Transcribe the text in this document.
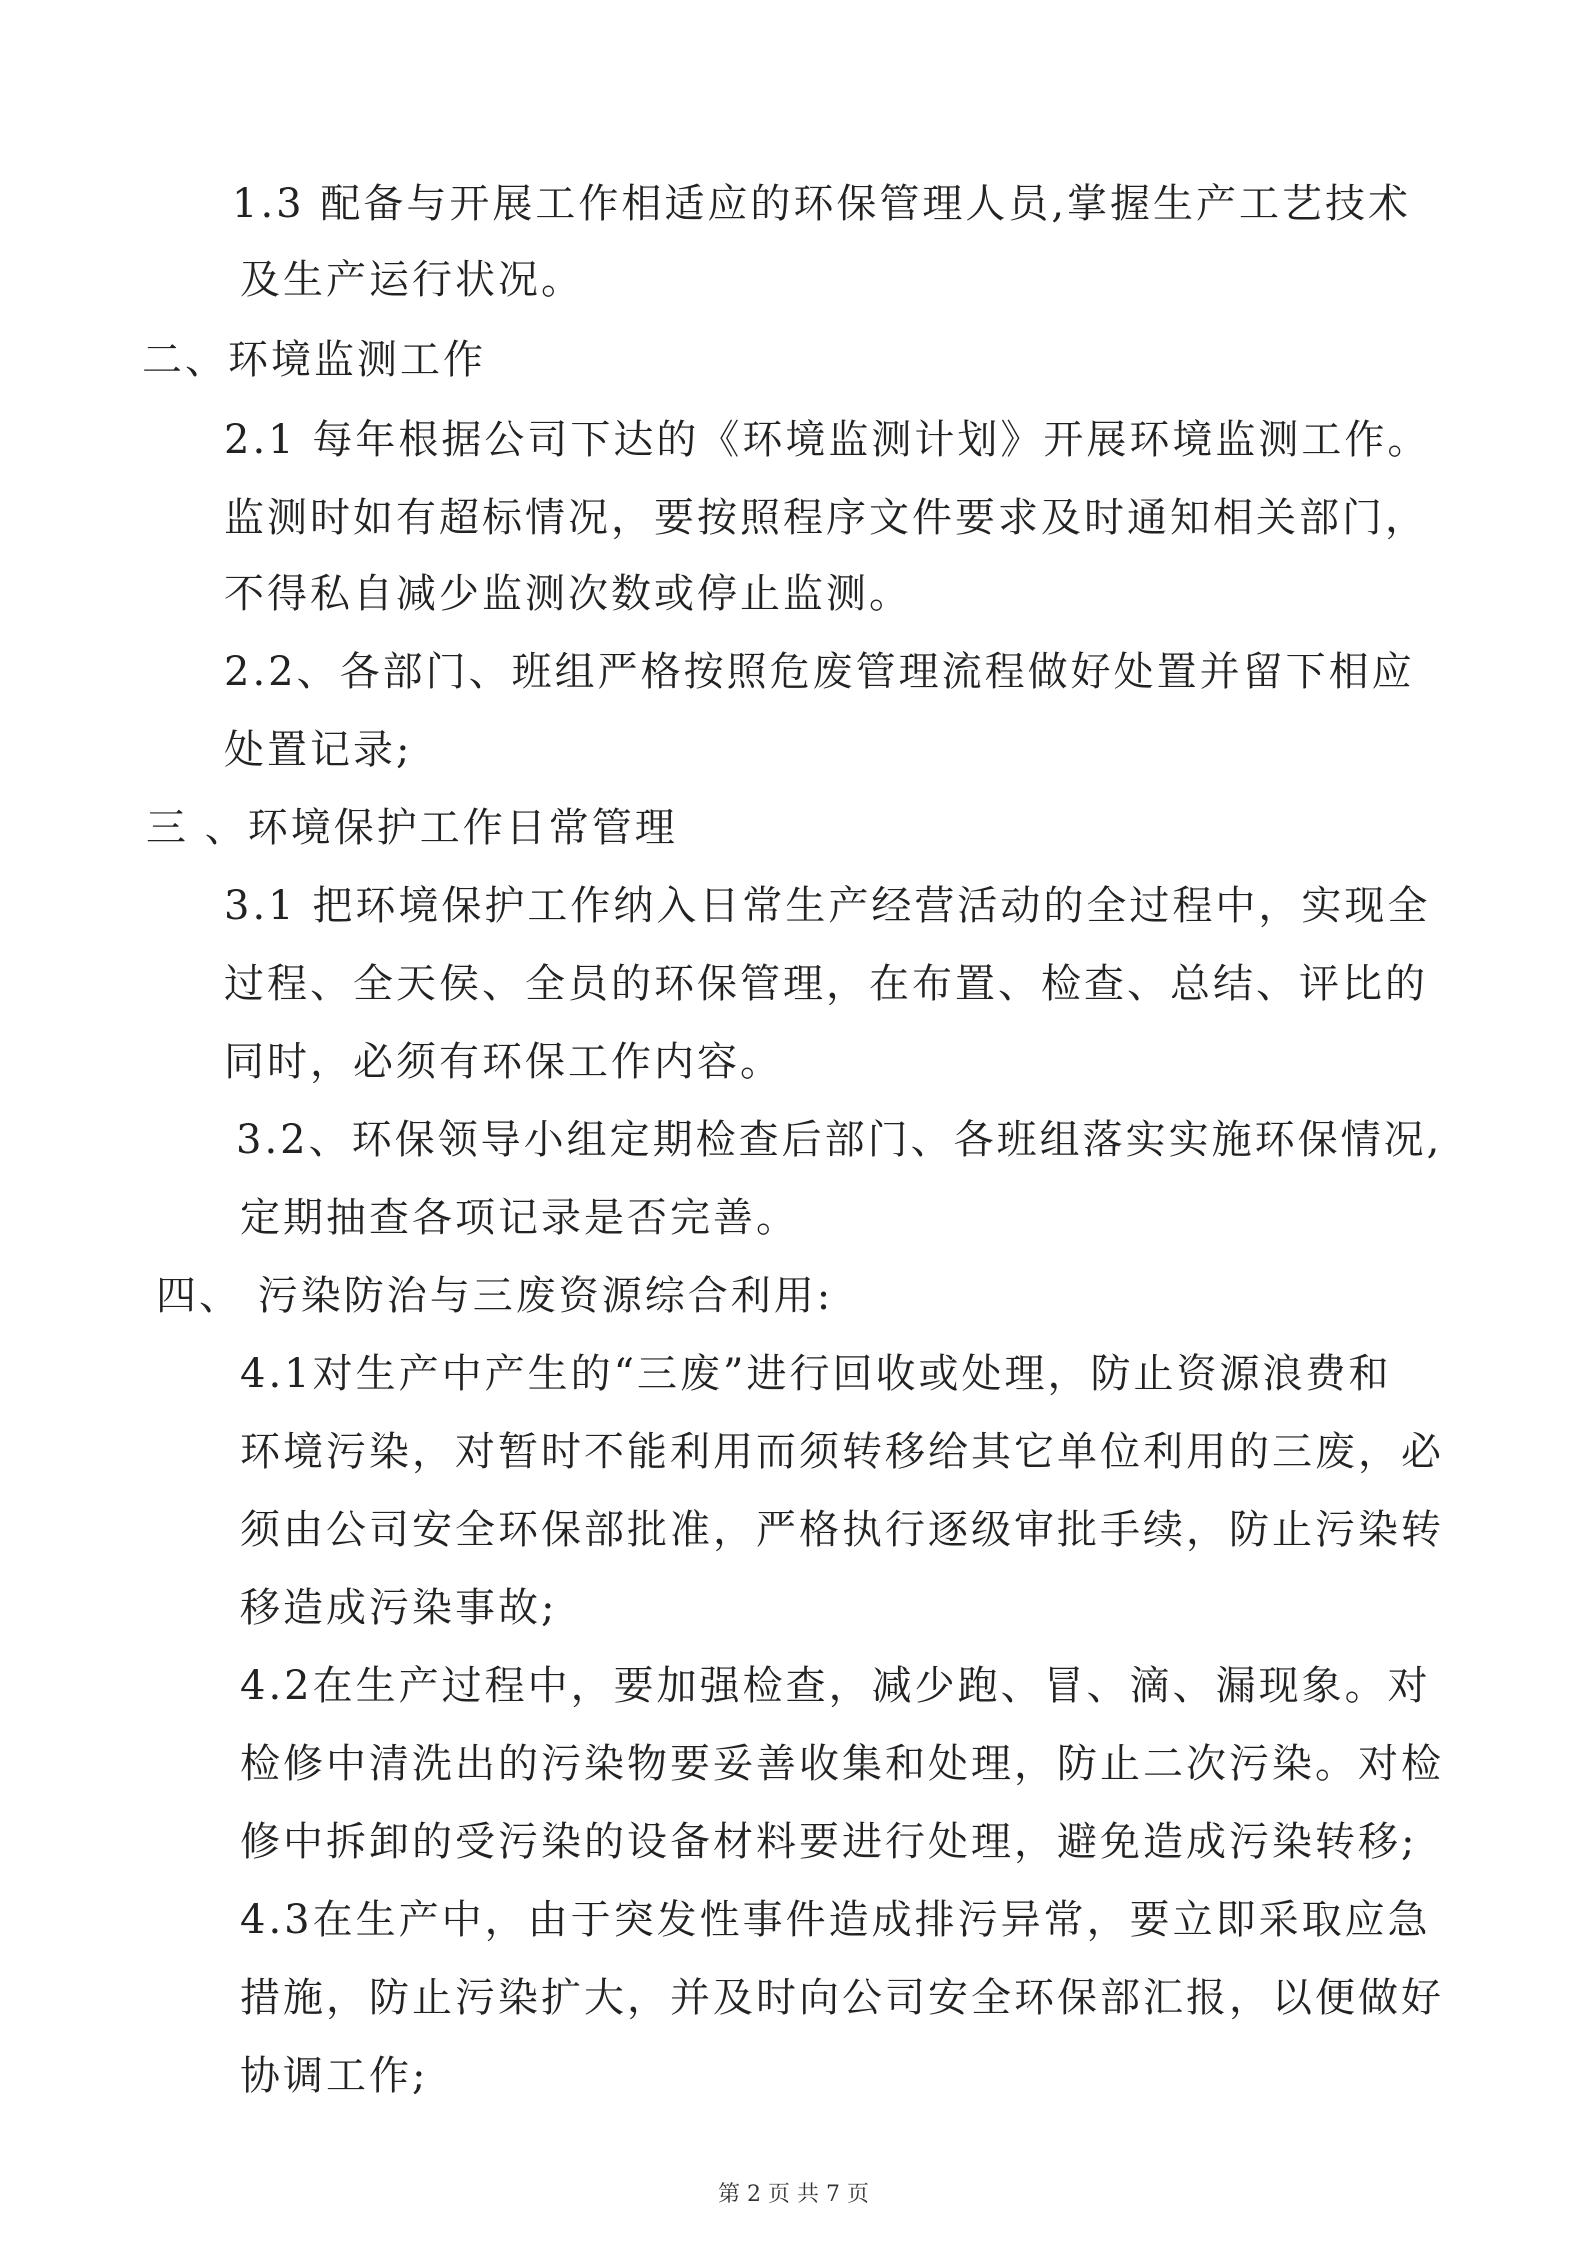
1.3 配备与开展工作相适应的环保管理人员,掌握生产工艺技术
及生产运行状况。
二、环境监测工作
2.1 每年根据公司下达的《环境监测计划》开展环境监测工作。
监测时如有超标情况，要按照程序文件要求及时通知相关部门，
不得私自减少监测次数或停止监测。
2.2、各部门、班组严格按照危废管理流程做好处置并留下相应
处置记录;
三 、环境保护工作日常管理
3.1 把环境保护工作纳入日常生产经营活动的全过程中，实现全
过程、全天侯、全员的环保管理，在布置、检查、总结、评比的
同时，必须有环保工作内容。
3.2、环保领导小组定期检查后部门、各班组落实实施环保情况,
定期抽查各项记录是否完善。
四、 污染防治与三废资源综合利用:
4.1对生产中产生的“三废”进行回收或处理，防止资源浪费和
环境污染，对暂时不能利用而须转移给其它单位利用的三废，必
须由公司安全环保部批准，严格执行逐级审批手续，防止污染转
移造成污染事故;
4.2在生产过程中，要加强检查，减少跑、冒、滴、漏现象。对
检修中清洗出的污染物要妥善收集和处理，防止二次污染。对检
修中拆卸的受污染的设备材料要进行处理，避免造成污染转移;
4.3在生产中，由于突发性事件造成排污异常，要立即采取应急
措施，防止污染扩大，并及时向公司安全环保部汇报，以便做好
协调工作;
第 2 页 共 7 页
